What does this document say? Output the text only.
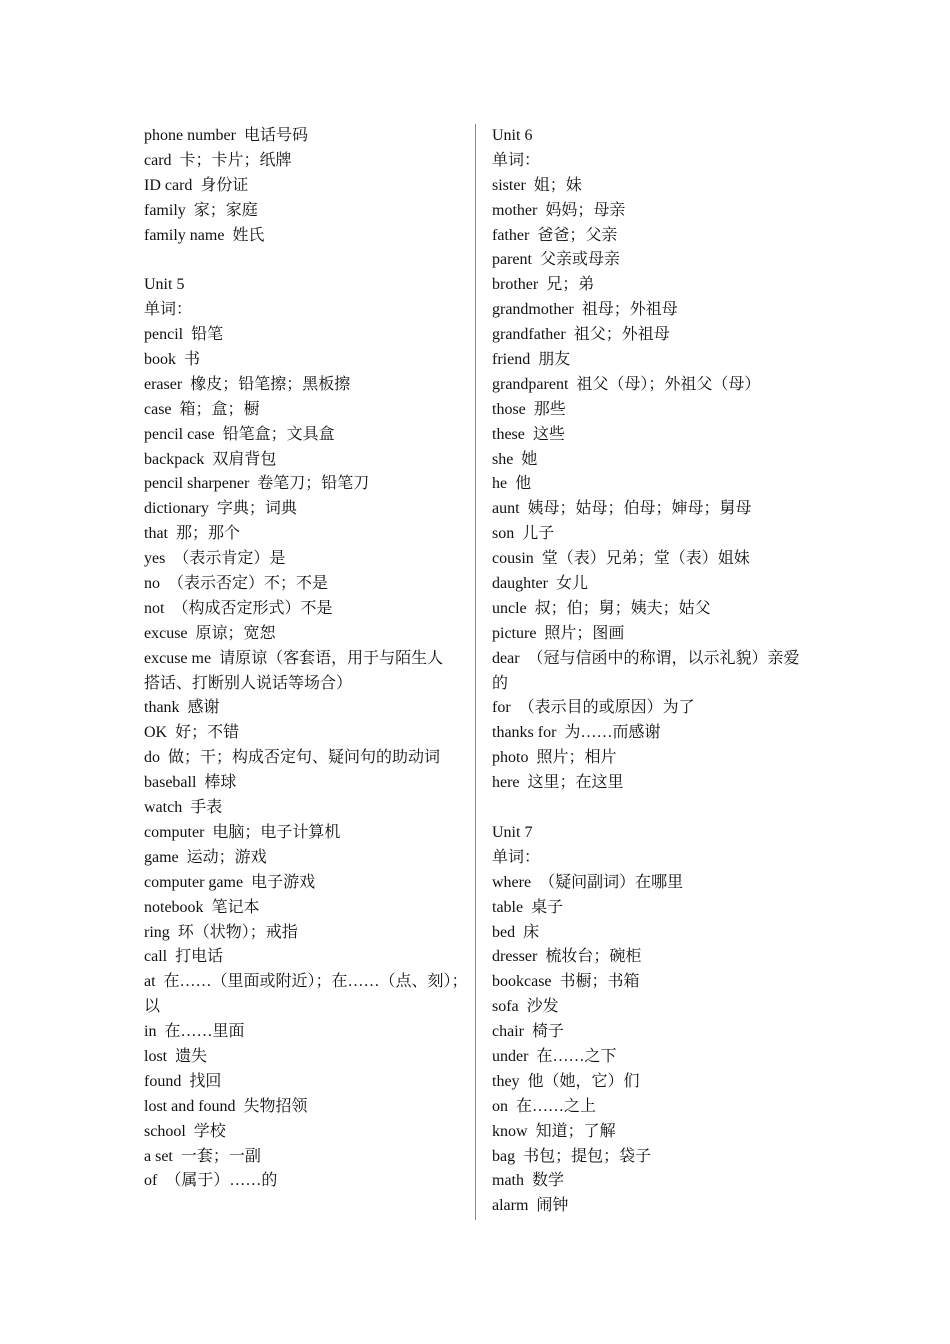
phone number 电话号码
card 卡；卡片；纸牌
ID card 身份证
family 家；家庭
family name 姓氏
Unit 5
单词：
pencil 铅笔
book 书
eraser 橡皮；铅笔擦；黑板擦
case 箱；盒；橱
pencil case 铅笔盒；文具盒
backpack 双肩背包
pencil sharpener 卷笔刀；铅笔刀
dictionary 字典；词典
that 那；那个
yes （表示肯定）是
no （表示否定）不；不是
not （构成否定形式）不是
excuse 原谅；宽恕
excuse me 请原谅（客套语，用于与陌生人
搭话、打断别人说话等场合）
thank 感谢
OK 好；不错
do 做；干；构成否定句、疑问句的助动词
baseball 棒球
watch 手表
computer 电脑；电子计算机
game 运动；游戏
computer game 电子游戏
notebook 笔记本
ring 环（状物）；戒指
call 打电话
at 在……（里面或附近）；在……（点、刻）；
以
in 在……里面
lost 遗失
found 找回
lost and found 失物招领
school 学校
a set 一套；一副
of （属于）……的
Unit 6
单词：
sister 姐；妹
mother 妈妈；母亲
father 爸爸；父亲
parent 父亲或母亲
brother 兄；弟
grandmother 祖母；外祖母
grandfather 祖父；外祖母
friend 朋友
grandparent 祖父（母）；外祖父（母）
those 那些
these 这些
she 她
he 他
aunt 姨母；姑母；伯母；婶母；舅母
son 儿子
cousin 堂（表）兄弟；堂（表）姐妹
daughter 女儿
uncle 叔；伯；舅；姨夫；姑父
picture 照片；图画
dear （冠与信函中的称谓，以示礼貌）亲爱
的
for （表示目的或原因）为了
thanks for 为……而感谢
photo 照片；相片
here 这里；在这里
Unit 7
单词：
where （疑问副词）在哪里
table 桌子
bed 床
dresser 梳妆台；碗柜
bookcase 书橱；书箱
sofa 沙发
chair 椅子
under 在……之下
they 他（她，它）们
on 在……之上
know 知道；了解
bag 书包；提包；袋子
math 数学
alarm 闹钟
